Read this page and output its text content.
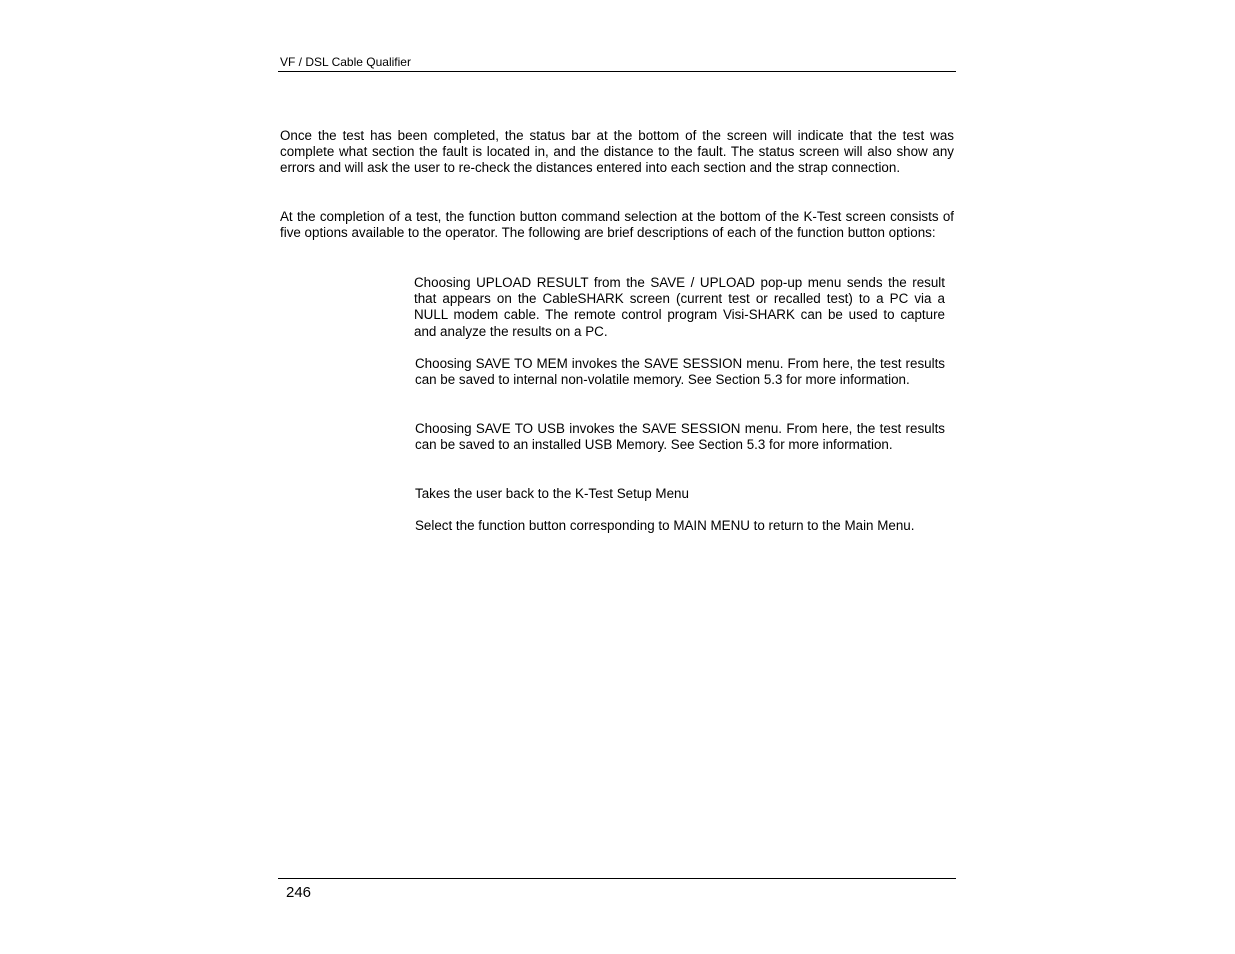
VF / DSL Cable Qualifier

Once the test has been completed, the status bar at the bottom of the screen will indicate that the test was complete what section the fault is located in, and the distance to the fault. The status screen will also show any errors and will ask the user to re-check the distances entered into each section and the strap connection.

At the completion of a test, the function button command selection at the bottom of the K-Test screen consists of five options available to the operator. The following are brief descriptions of each of the function button options:

Choosing UPLOAD RESULT from the SAVE / UPLOAD pop-up menu sends the result that appears on the CableSHARK screen (current test or recalled test) to a PC via a NULL modem cable. The remote control program Visi-SHARK can be used to capture and analyze the results on a PC.

Choosing SAVE TO MEM invokes the SAVE SESSION menu. From here, the test results can be saved to internal non-volatile memory. See Section 5.3 for more information.

Choosing SAVE TO USB invokes the SAVE SESSION menu. From here, the test results can be saved to an installed USB Memory. See Section 5.3 for more information.

Takes the user back to the K-Test Setup Menu

Select the function button corresponding to MAIN MENU to return to the Main Menu.

246
